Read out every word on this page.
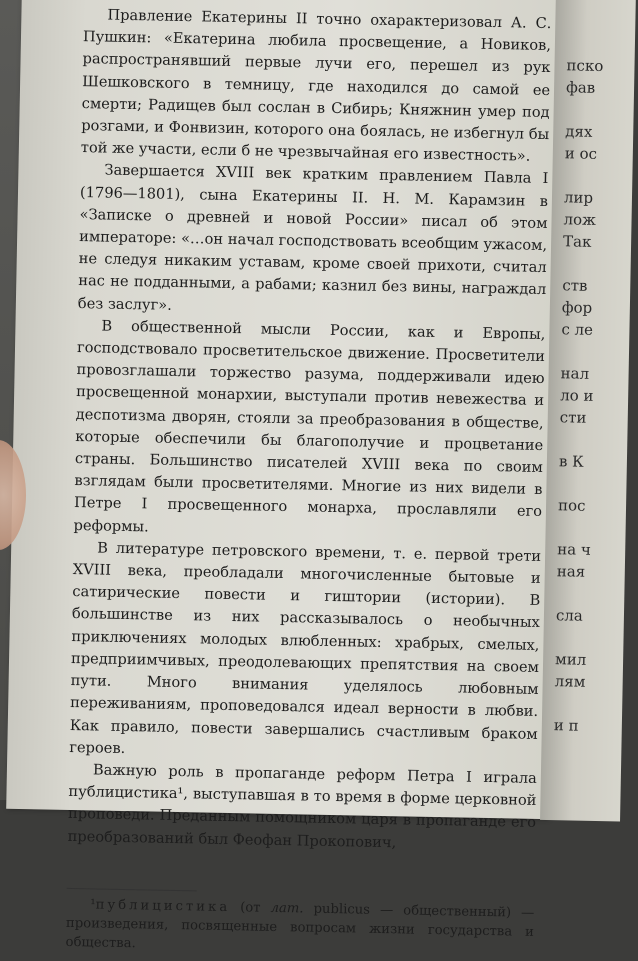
Правление Екатерины II точно охарактеризовал А. С. Пушкин: «Екатерина любила просвещение, а Новиков, распространявший первые лучи его, перешел из рук Шешковского в темницу, где находился до самой ее смерти; Радищев был сослан в Сибирь; Княжнин умер под розгами, и Фонвизин, которого она боялась, не избегнул бы той же участи, если б не чрезвычайная его известность».

Завершается XVIII век кратким правлением Павла I (1796—1801), сына Екатерины II. Н. М. Карамзин в «Записке о древней и новой России» писал об этом императоре: «…он начал господствовать всеобщим ужасом, не следуя никаким уставам, кроме своей прихоти, считал нас не подданными, а рабами; казнил без вины, награждал без заслуг».

В общественной мысли России, как и Европы, господствовало просветительское движение. Просветители провозглашали торжество разума, поддерживали идею просвещенной монархии, выступали против невежества и деспотизма дворян, стояли за преобразования в обществе, которые обеспечили бы благополучие и процветание страны. Большинство писателей XVIII века по своим взглядам были просветителями. Многие из них видели в Петре I просвещенного монарха, прославляли его реформы.

В литературе петровского времени, т. е. первой трети XVIII века, преобладали многочисленные бытовые и сатирические повести и гиштории (истории). В большинстве из них рассказывалось о необычных приключениях молодых влюбленных: храбрых, смелых, предприимчивых, преодолевающих препятствия на своем пути. Много внимания уделялось любовным переживаниям, проповедовался идеал верности в любви. Как правило, повести завершались счастливым браком героев.

Важную роль в пропаганде реформ Петра I играла публицистика¹, выступавшая в то время в форме церковной проповеди. Преданным помощником царя в пропаганде его преобразований был Феофан Прокопович,

¹публицистика (от лат. publicus — общественный) — произведения, посвященные вопросам жизни государства и общества.

пско
фав
дях
и ос
лир
лож
Так
ств
фор
с ле
нал
ло и
сти
в К
пос
на ч
ная
сла
мил
лям
и п
